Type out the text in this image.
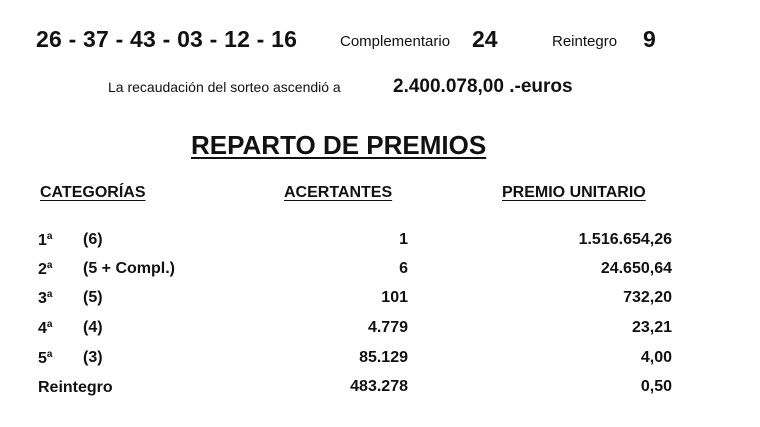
26 - 37 - 43 - 03 - 12 - 16	Complementario 24	Reintegro 9
La recaudación del sorteo ascendió a	2.400.078,00 .-euros
REPARTO DE PREMIOS
CATEGORÍAS	ACERTANTES	PREMIO UNITARIO
1$^a$ (6)	1	1.516.654,26
2$^a$ (5 + Compl.)	6	24.650,64
3$^a$ (5)	101	732,20
4$^a$ (4)	4.779	23,21
5$^a$ (3)	85.129	4,00
Reintegro	483.278	0,50
